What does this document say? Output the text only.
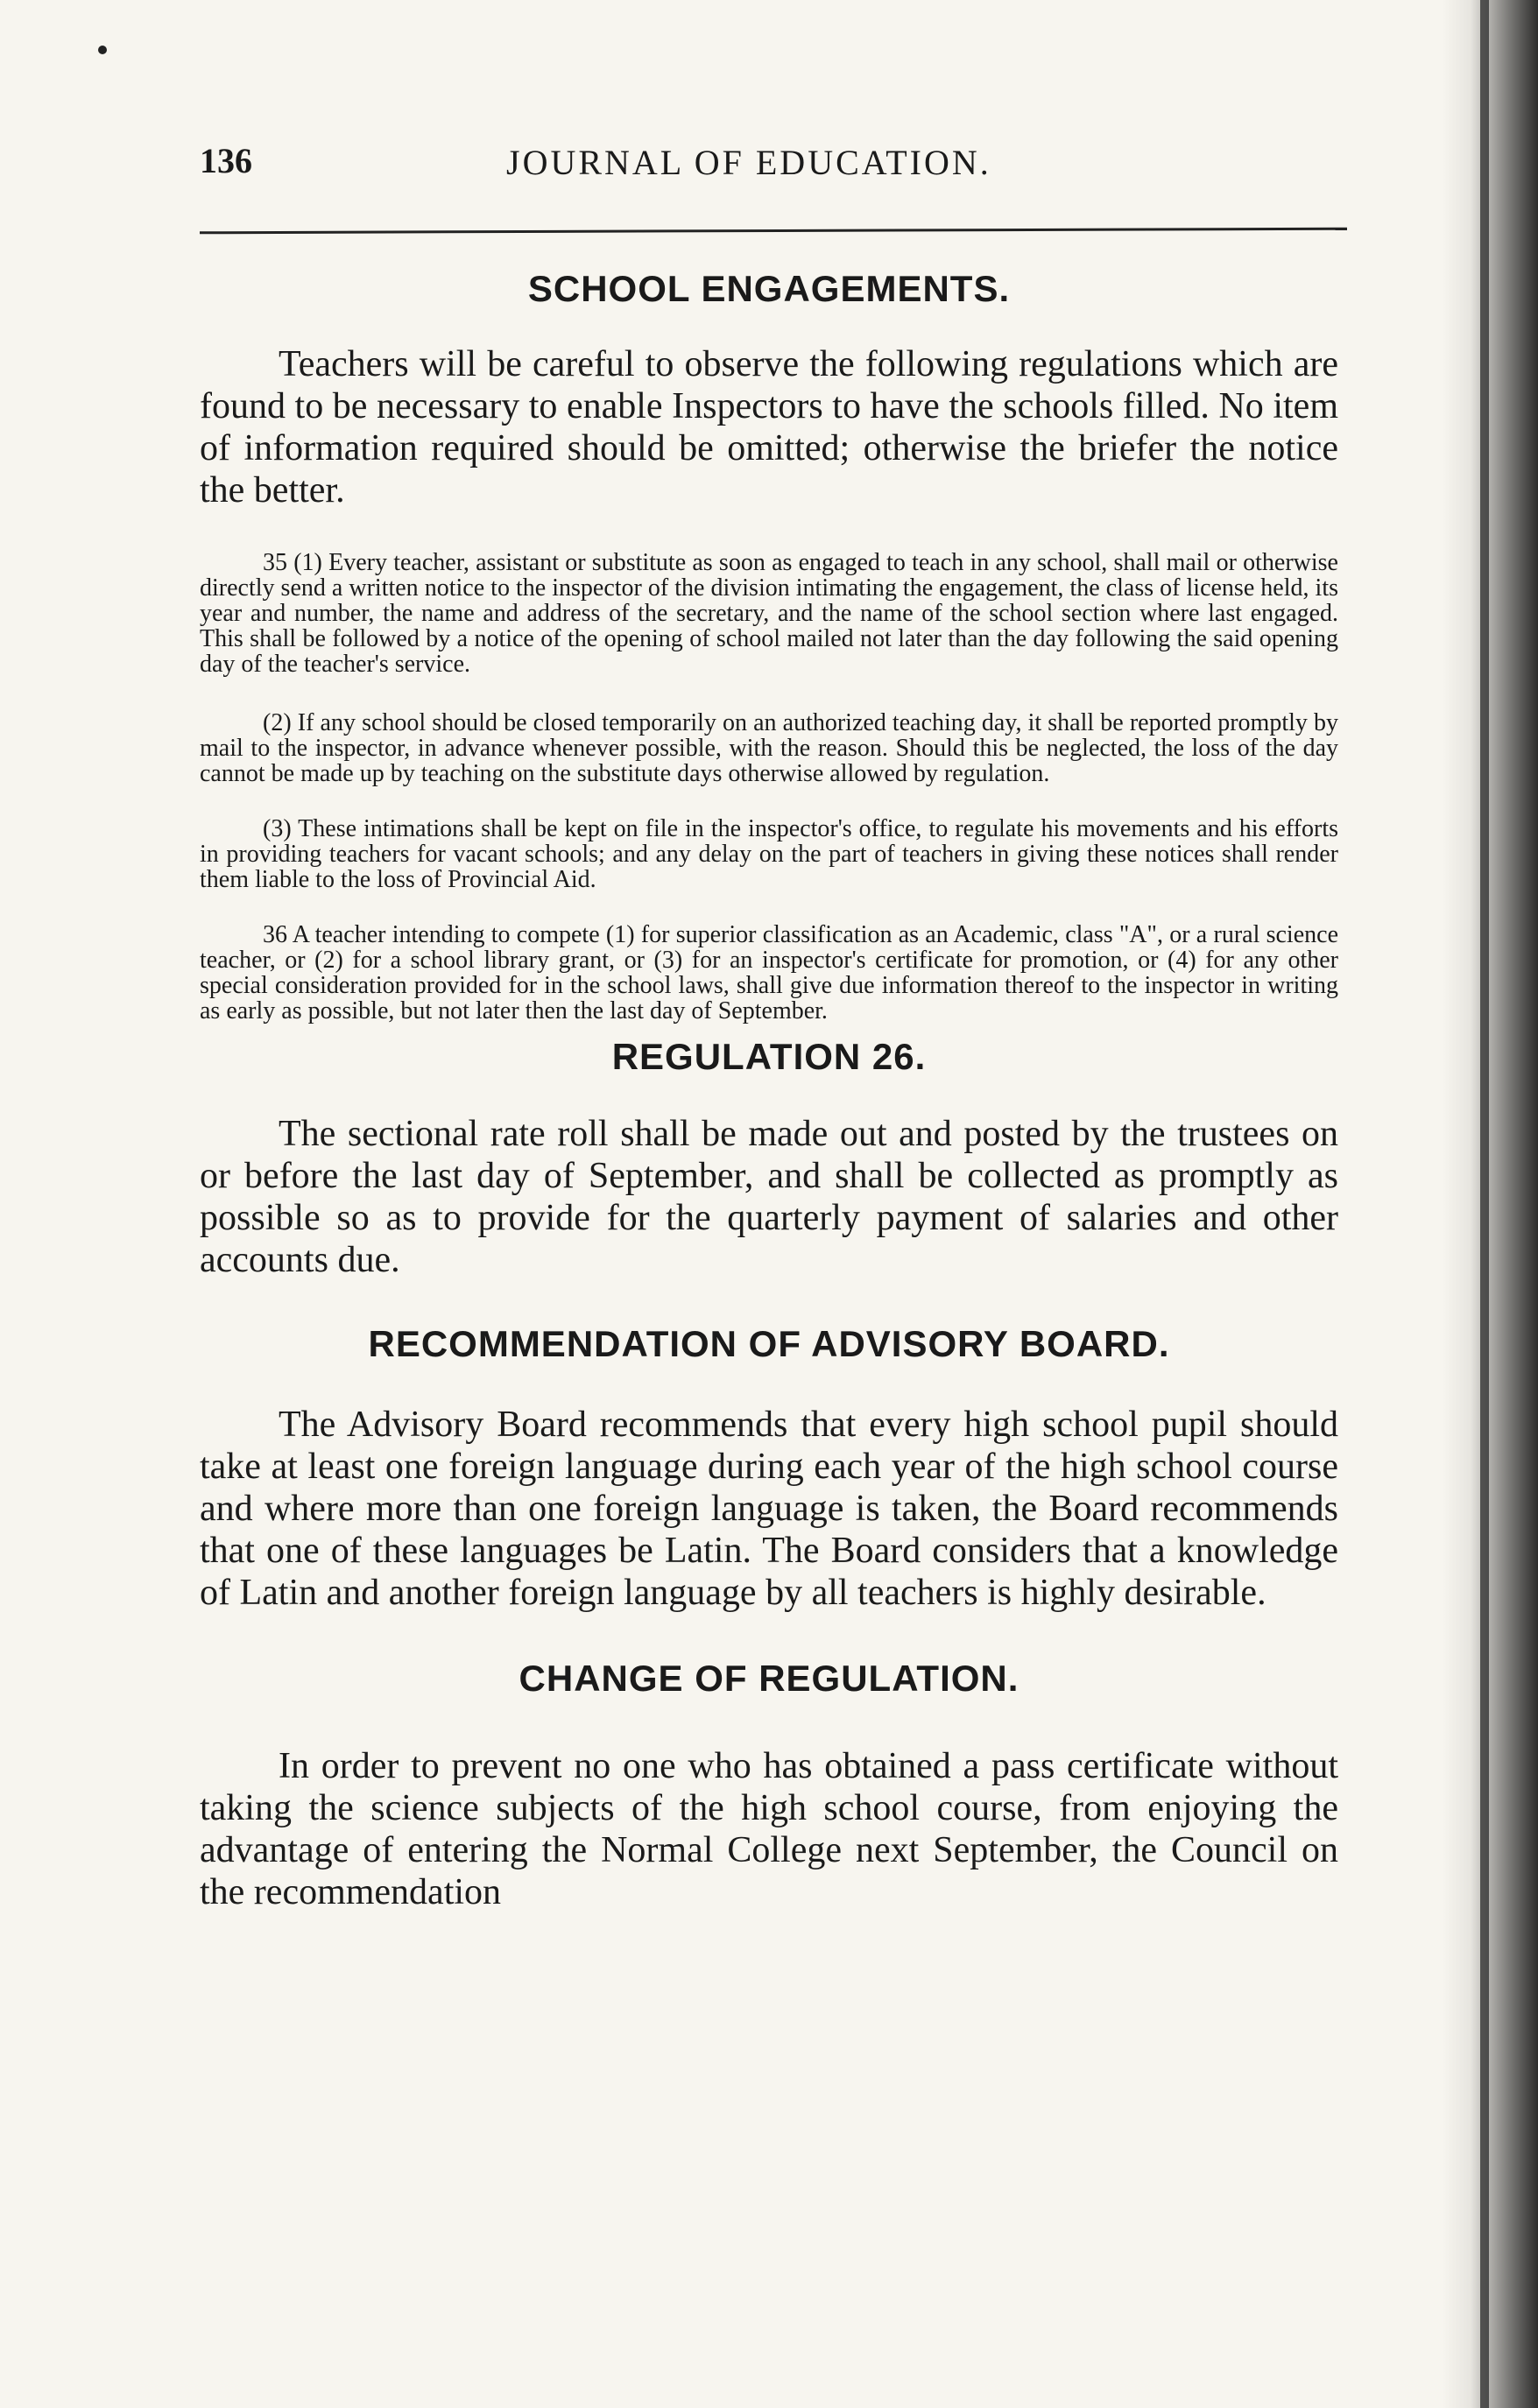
136	JOURNAL OF EDUCATION.
SCHOOL ENGAGEMENTS.

Teachers will be careful to observe the following regulations which are found to be necessary to enable Inspectors to have the schools filled. No item of information required should be omitted; otherwise the briefer the notice the better.

35 (1) Every teacher, assistant or substitute as soon as engaged to teach in any school, shall mail or otherwise directly send a written notice to the inspector of the division intimating the engagement, the class of license held, its year and number, the name and address of the secretary, and the name of the school section where last engaged. This shall be followed by a notice of the opening of school mailed not later than the day following the said opening day of the teacher's service.

(2) If any school should be closed temporarily on an authorized teaching day, it shall be reported promptly by mail to the inspector, in advance whenever possible, with the reason. Should this be neglected, the loss of the day cannot be made up by teaching on the substitute days otherwise allowed by regulation.

(3) These intimations shall be kept on file in the inspector's office, to regulate his movements and his efforts in providing teachers for vacant schools; and any delay on the part of teachers in giving these notices shall render them liable to the loss of Provincial Aid.

36 A teacher intending to compete (1) for superior classification as an Academic, class "A", or a rural science teacher, or (2) for a school library grant, or (3) for an inspector's certificate for promotion, or (4) for any other special consideration provided for in the school laws, shall give due information thereof to the inspector in writing as early as possible, but not later then the last day of September.

REGULATION 26.

The sectional rate roll shall be made out and posted by the trustees on or before the last day of September, and shall be collected as promptly as possible so as to provide for the quarterly payment of salaries and other accounts due.

RECOMMENDATION OF ADVISORY BOARD.

The Advisory Board recommends that every high school pupil should take at least one foreign language during each year of the high school course and where more than one foreign language is taken, the Board recommends that one of these languages be Latin. The Board considers that a knowledge of Latin and another foreign language by all teachers is highly desirable.

CHANGE OF REGULATION.

In order to prevent no one who has obtained a pass certificate without taking the science subjects of the high school course, from enjoying the advantage of entering the Normal College next September, the Council on the recommendation
